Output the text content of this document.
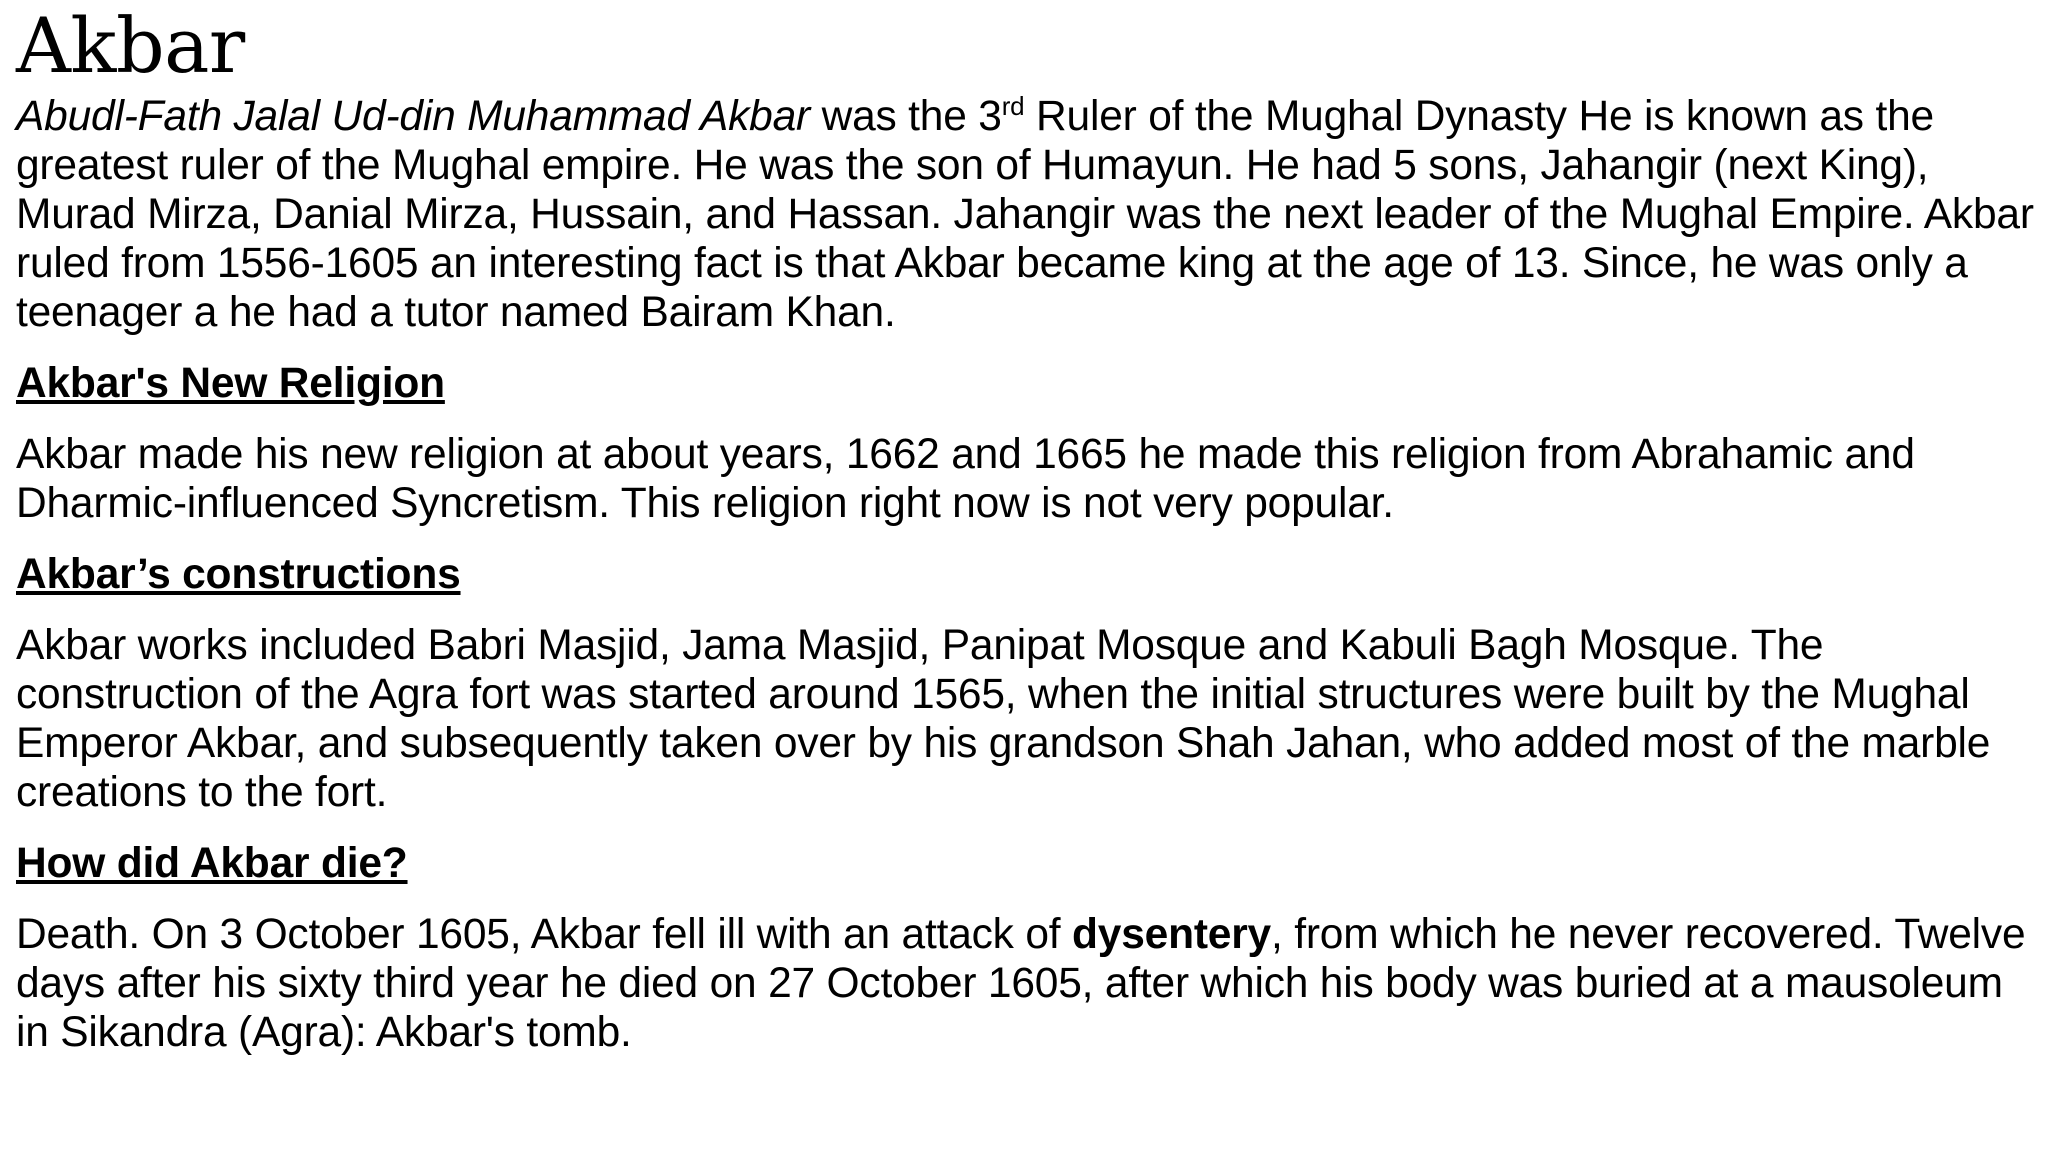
Akbar

Abudl-Fath Jalal Ud-din Muhammad Akbar was the 3rd Ruler of the Mughal Dynasty He is known as the greatest ruler of the Mughal empire. He was the son of Humayun. He had 5 sons, Jahangir (next King), Murad Mirza, Danial Mirza, Hussain, and Hassan. Jahangir was the next leader of the Mughal Empire. Akbar ruled from 1556-1605 an interesting fact is that Akbar became king at the age of 13. Since, he was only a teenager a he had a tutor named Bairam Khan.

Akbar's New Religion

Akbar made his new religion at about years, 1662 and 1665 he made this religion from Abrahamic and Dharmic-influenced Syncretism. This religion right now is not very popular.

Akbar’s constructions

Akbar works included Babri Masjid, Jama Masjid, Panipat Mosque and Kabuli Bagh Mosque. The construction of the Agra fort was started around 1565, when the initial structures were built by the Mughal Emperor Akbar, and subsequently taken over by his grandson Shah Jahan, who added most of the marble creations to the fort.

How did Akbar die?

Death. On 3 October 1605, Akbar fell ill with an attack of dysentery, from which he never recovered. Twelve days after his sixty third year he died on 27 October 1605, after which his body was buried at a mausoleum in Sikandra (Agra): Akbar's tomb.
